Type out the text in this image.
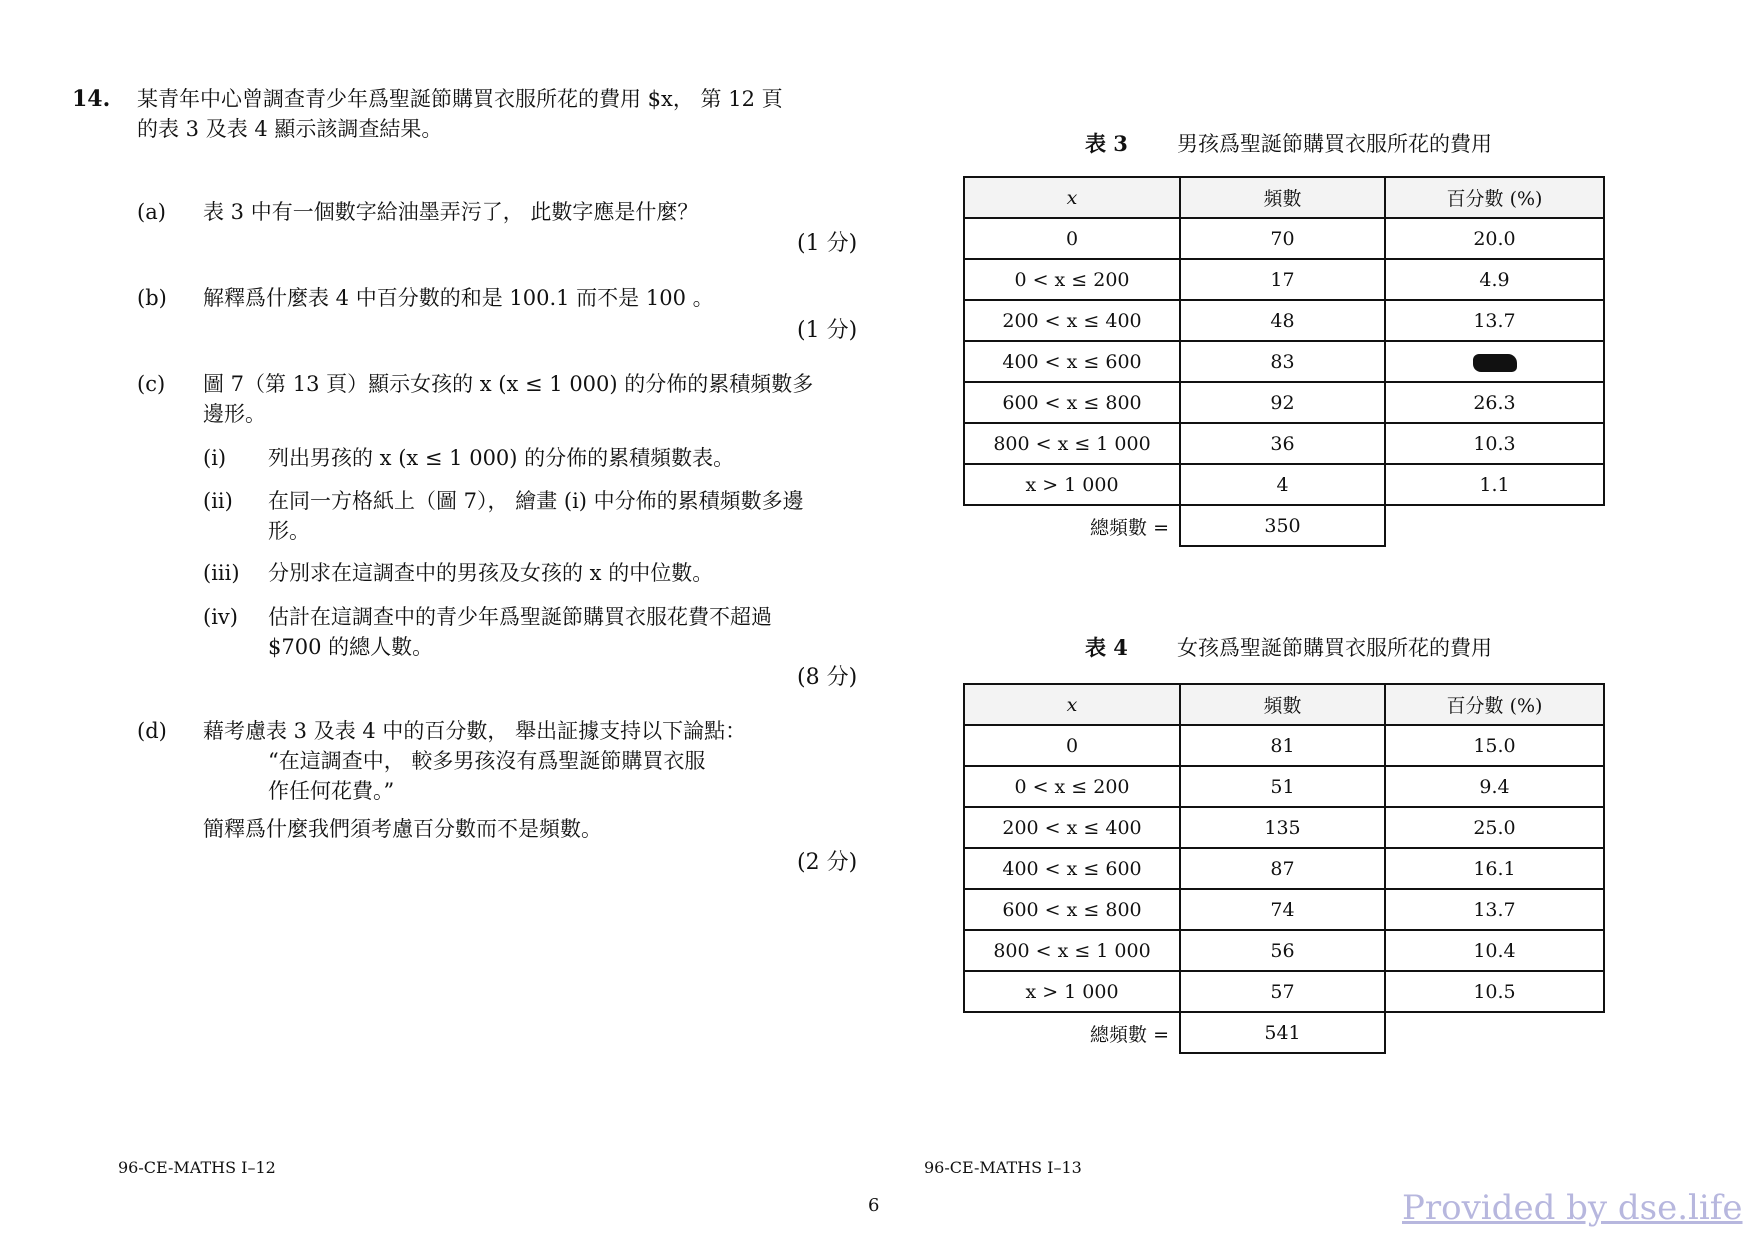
14. 某青年中心曾調查青少年爲聖誕節購買衣服所花的費用 $x， 第 12 頁
的表 3 及表 4 顯示該調查結果。
(a) 表 3 中有一個數字給油墨弄污了， 此數字應是什麼？
(1 分)
(b) 解釋爲什麼表 4 中百分數的和是 100.1 而不是 100 。
(1 分)
(c) 圖 7（第 13 頁）顯示女孩的 x (x ≤ 1 000) 的分佈的累積頻數多
邊形。
(i) 列出男孩的 x (x ≤ 1 000) 的分佈的累積頻數表。
(ii) 在同一方格紙上（圖 7）， 繪畫 (i) 中分佈的累積頻數多邊
形。
(iii) 分別求在這調查中的男孩及女孩的 x 的中位數。
(iv) 估計在這調查中的青少年爲聖誕節購買衣服花費不超過
$700 的總人數。
(8 分)
(d) 藉考慮表 3 及表 4 中的百分數， 舉出証據支持以下論點：
“在這調查中， 較多男孩沒有爲聖誕節購買衣服
作任何花費。”
簡釋爲什麼我們須考慮百分數而不是頻數。
(2 分)
表 3 男孩爲聖誕節購買衣服所花的費用
x	頻數	百分數 (%)
0	70	20.0
0 < x ≤ 200	17	4.9
200 < x ≤ 400	48	13.7
400 < x ≤ 600	83	
600 < x ≤ 800	92	26.3
800 < x ≤ 1 000	36	10.3
x > 1 000	4	1.1
總頻數 =	350	
表 4 女孩爲聖誕節購買衣服所花的費用
x	頻數	百分數 (%)
0	81	15.0
0 < x ≤ 200	51	9.4
200 < x ≤ 400	135	25.0
400 < x ≤ 600	87	16.1
600 < x ≤ 800	74	13.7
800 < x ≤ 1 000	56	10.4
x > 1 000	57	10.5
總頻數 =	541	
96-CE-MATHS I–12	96-CE-MATHS I–13
6	Provided by dse.life
